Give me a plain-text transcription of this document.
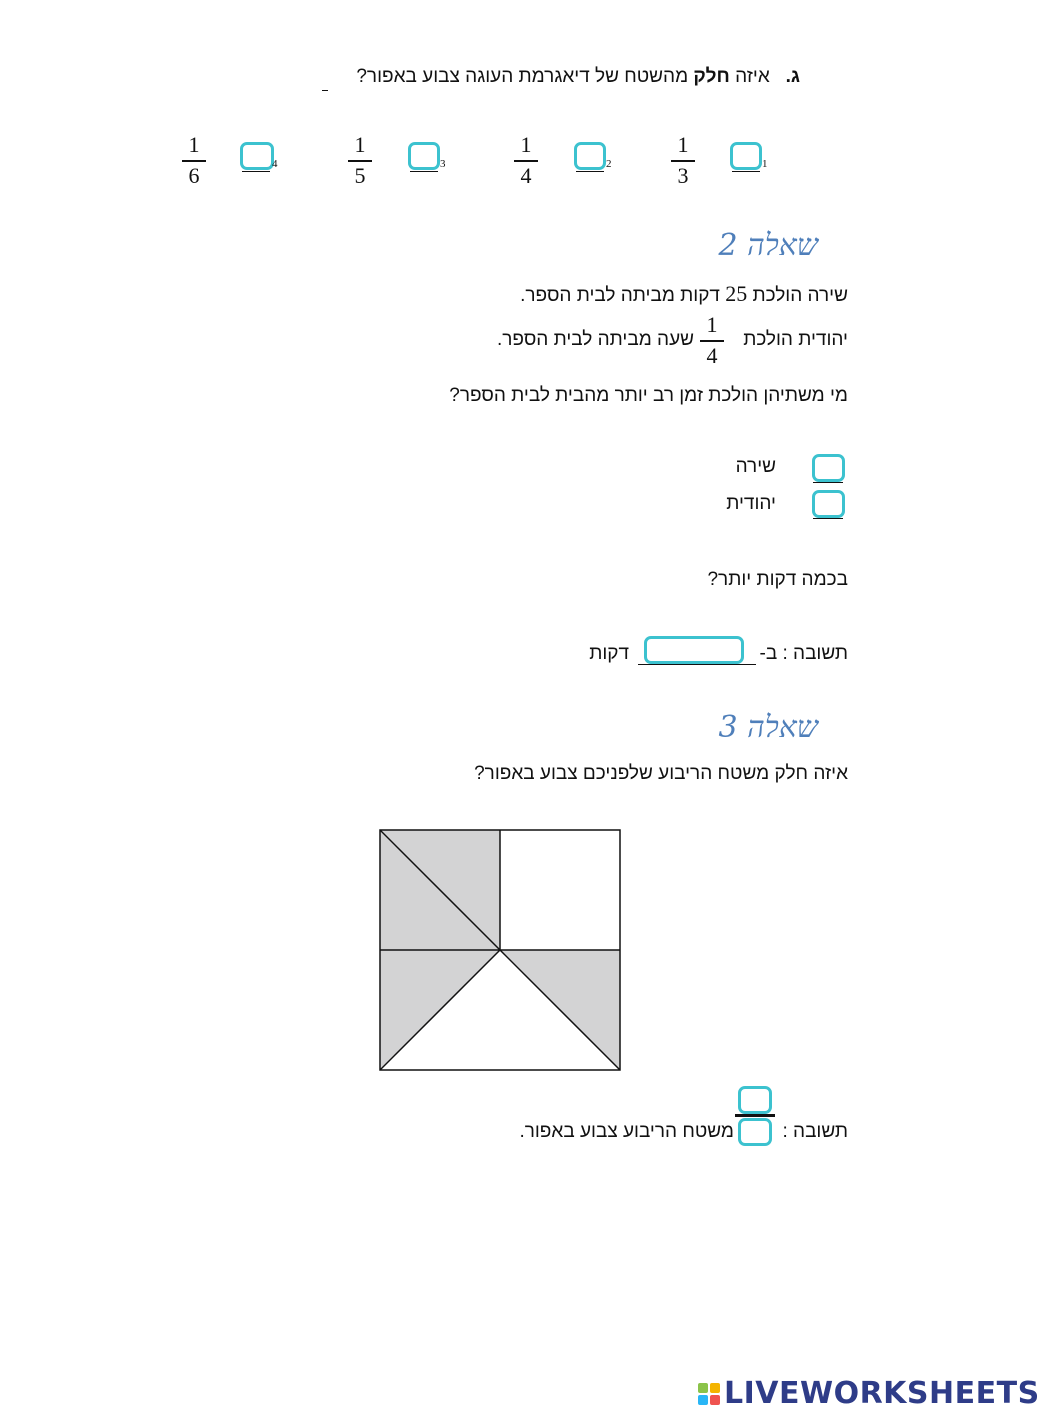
ג.   איזה חלק מהשטח של דיאגרמת העוגה צבוע באפור?
1
3	1
1
4	2
1
5	3
1
6	4
שאלה 2
שירה הולכת 25 דקות מביתה לבית הספר.
יהודית הולכת
1
4
שעה מביתה לבית הספר.
מי משתיהן הולכת זמן רב יותר מהבית לבית הספר?
שירה
יהודית
בכמה דקות יותר?
תשובה : ב-
דקות
שאלה 3
איזה חלק משטח הריבוע שלפניכם צבוע באפור?
תשובה :
משטח הריבוע צבוע באפור.
LIVEWORKSHEETS
